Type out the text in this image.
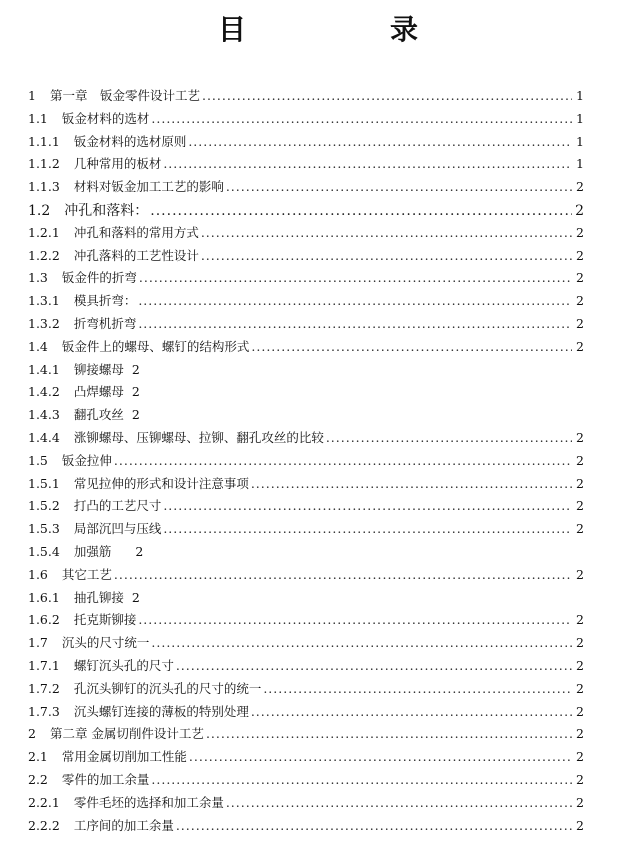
目　录
1 第一章　钣金零件设计工艺 .....	1
1.1 钣金材料的选材 .....	1
1.1.1 钣金材料的选材原则 .....	1
1.1.2 几种常用的板材 .....	1
1.1.3 材料对钣金加工工艺的影响 .....	2
1.2 冲孔和落料： .....	2
1.2.1 冲孔和落料的常用方式 .....	2
1.2.2 冲孔落料的工艺性设计 .....	2
1.3 钣金件的折弯 .....	2
1.3.1 模具折弯： .....	2
1.3.2 折弯机折弯 .....	2
1.4 钣金件上的螺母、螺钉的结构形式 .....	2
1.4.1 铆接螺母 2
1.4.2 凸焊螺母 2
1.4.3 翻孔攻丝 2
1.4.4 涨铆螺母、压铆螺母、拉铆、翻孔攻丝的比较 .....	2
1.5 钣金拉伸 .....	2
1.5.1 常见拉伸的形式和设计注意事项 .....	2
1.5.2 打凸的工艺尺寸 .....	2
1.5.3 局部沉凹与压线 .....	2
1.5.4 加强筋 2
1.6 其它工艺 .....	2
1.6.1 抽孔铆接 2
1.6.2 托克斯铆接 .....	2
1.7 沉头的尺寸统一 .....	2
1.7.1 螺钉沉头孔的尺寸 .....	2
1.7.2 孔沉头铆钉的沉头孔的尺寸的统一 .....	2
1.7.3 沉头螺钉连接的薄板的特别处理 .....	2
2 第二章 金属切削件设计工艺 .....	2
2.1 常用金属切削加工性能 .....	2
2.2 零件的加工余量 .....	2
2.2.1 零件毛坯的选择和加工余量 .....	2
2.2.2 工序间的加工余量 .....	2
